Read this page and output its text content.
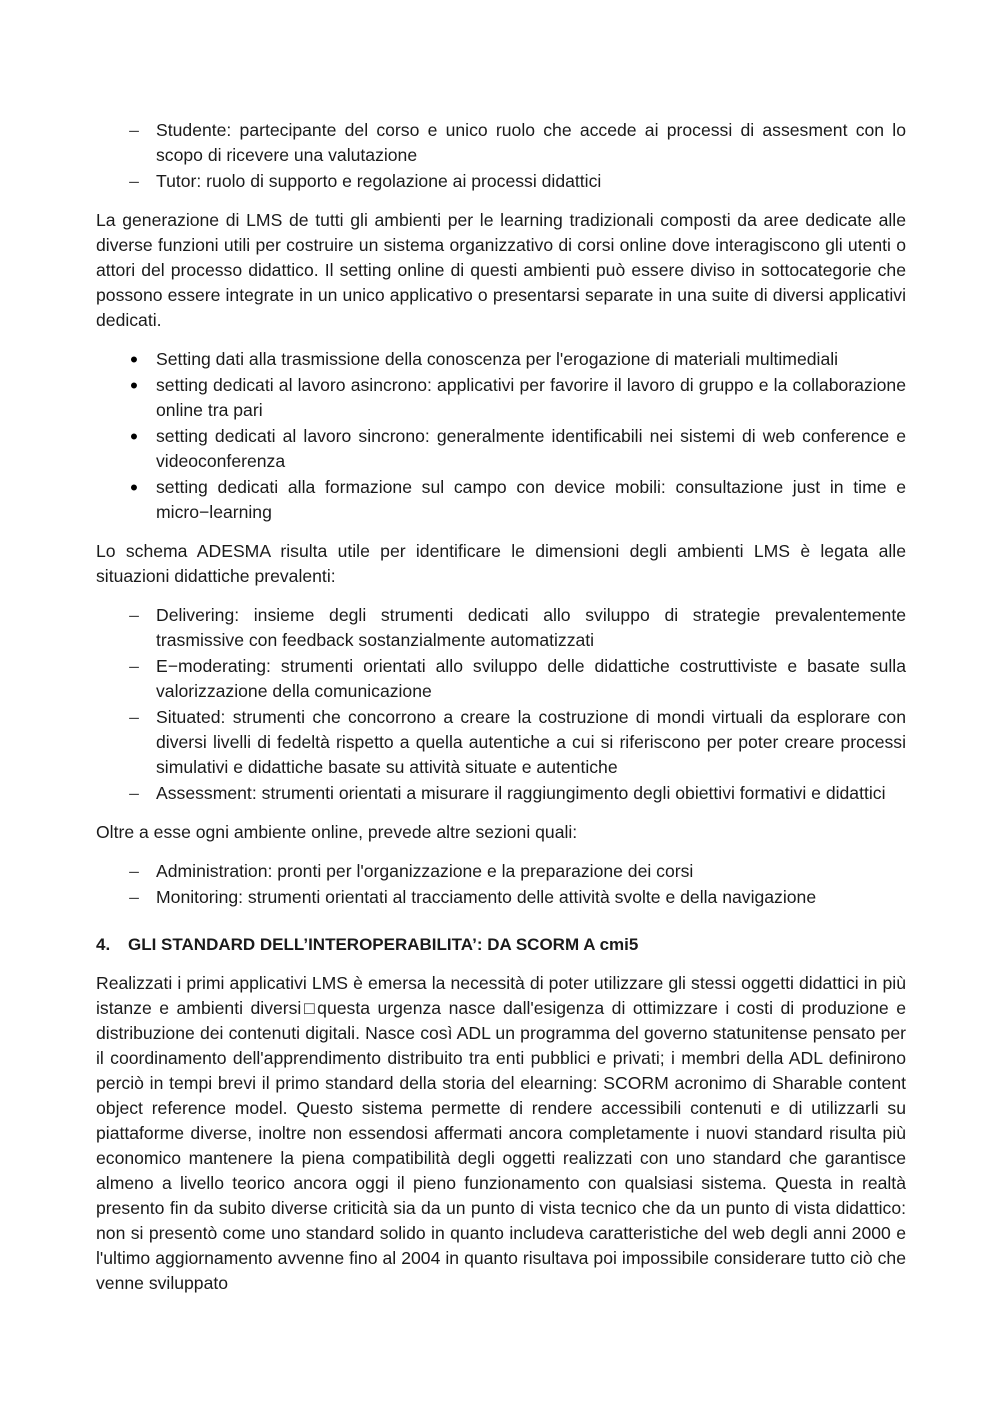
–
Studente: partecipante del corso e unico ruolo che accede ai processi di assesment con lo scopo di ricevere una valutazione
–
Tutor: ruolo di supporto e regolazione ai processi didattici

La generazione di LMS de tutti gli ambienti per le learning tradizionali composti da aree dedicate alle diverse funzioni utili per costruire un sistema organizzativo di corsi online dove interagiscono gli utenti o attori del processo didattico. Il setting online di questi ambienti può essere diviso in sottocategorie che possono essere integrate in un unico applicativo o presentarsi separate in una suite di diversi applicativi dedicati.

•
Setting dati alla trasmissione della conoscenza per l'erogazione di materiali multimediali
•
setting dedicati al lavoro asincrono: applicativi per favorire il lavoro di gruppo e la collaborazione online tra pari
•
setting dedicati al lavoro sincrono: generalmente identificabili nei sistemi di web conference e videoconferenza
•
setting dedicati alla formazione sul campo con device mobili: consultazione just in time e micro−learning

Lo schema ADESMA risulta utile per identificare le dimensioni degli ambienti LMS è legata alle situazioni didattiche prevalenti:

–
Delivering: insieme degli strumenti dedicati allo sviluppo di strategie prevalentemente trasmissive con feedback sostanzialmente automatizzati
–
E−moderating: strumenti orientati allo sviluppo delle didattiche costruttiviste e basate sulla valorizzazione della comunicazione
–
Situated: strumenti che concorrono a creare la costruzione di mondi virtuali da esplorare con diversi livelli di fedeltà rispetto a quella autentiche a cui si riferiscono per poter creare processi simulativi e didattiche basate su attività situate e autentiche
–
Assessment: strumenti orientati a misurare il raggiungimento degli obiettivi formativi e didattici

Oltre a esse ogni ambiente online, prevede altre sezioni quali:

–
Administration: pronti per l'organizzazione e la preparazione dei corsi
–
Monitoring: strumenti orientati al tracciamento delle attività svolte e della navigazione
4. GLI STANDARD DELL’INTEROPERABILITA’: DA SCORM A cmi5

Realizzati i primi applicativi LMS è emersa la necessità di poter utilizzare gli stessi oggetti didattici in più istanze e ambienti diversi□questa urgenza nasce dall'esigenza di ottimizzare i costi di produzione e distribuzione dei contenuti digitali. Nasce così ADL un programma del governo statunitense pensato per il coordinamento dell'apprendimento distribuito tra enti pubblici e privati; i membri della ADL definirono perciò in tempi brevi il primo standard della storia del elearning: SCORM acronimo di Sharable content object reference model. Questo sistema permette di rendere accessibili contenuti e di utilizzarli su piattaforme diverse, inoltre non essendosi affermati ancora completamente i nuovi standard risulta più economico mantenere la piena compatibilità degli oggetti realizzati con uno standard che garantisce almeno a livello teorico ancora oggi il pieno funzionamento con qualsiasi sistema. Questa in realtà presento fin da subito diverse criticità sia da un punto di vista tecnico che da un punto di vista didattico: non si presentò come uno standard solido in quanto includeva caratteristiche del web degli anni 2000 e l'ultimo aggiornamento avvenne fino al 2004 in quanto risultava poi impossibile considerare tutto ciò che venne sviluppato
